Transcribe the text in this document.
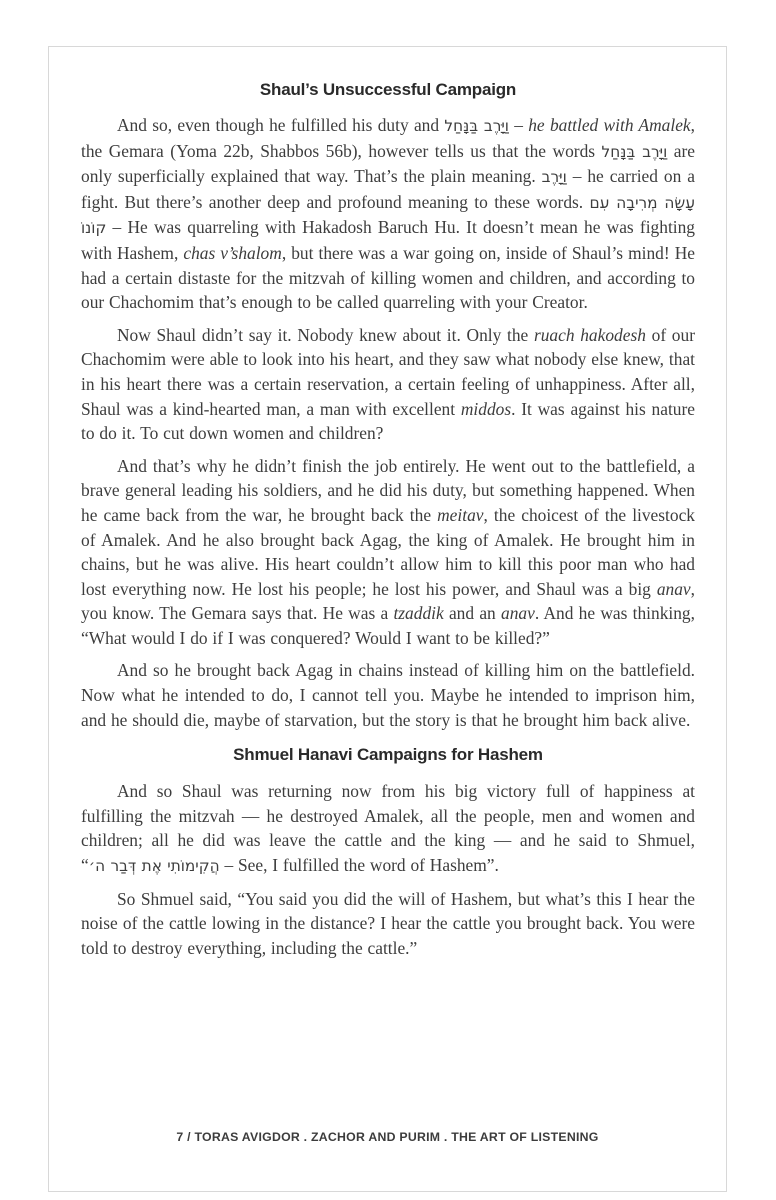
Shaul’s Unsuccessful Campaign

And so, even though he fulfilled his duty and וַיָּרֶב בַּנָּחַל – he battled with Amalek, the Gemara (Yoma 22b, Shabbos 56b), however tells us that the words וַיָּרֶב בַּנָּחַל are only superficially explained that way. That’s the plain meaning. וַיָּרֶב – he carried on a fight. But there’s another deep and profound meaning to these words. עָשָׂה מְרִיבָה עִם קוֹנוֹ – He was quarreling with Hakadosh Baruch Hu. It doesn’t mean he was fighting with Hashem, chas v’shalom, but there was a war going on, inside of Shaul’s mind! He had a certain distaste for the mitzvah of killing women and children, and according to our Chachomim that’s enough to be called quarreling with your Creator.

Now Shaul didn’t say it. Nobody knew about it. Only the ruach hakodesh of our Chachomim were able to look into his heart, and they saw what nobody else knew, that in his heart there was a certain reservation, a certain feeling of unhappiness. After all, Shaul was a kind-hearted man, a man with excellent middos. It was against his nature to do it. To cut down women and children?

And that’s why he didn’t finish the job entirely. He went out to the battlefield, a brave general leading his soldiers, and he did his duty, but something happened. When he came back from the war, he brought back the meitav, the choicest of the livestock of Amalek. And he also brought back Agag, the king of Amalek. He brought him in chains, but he was alive. His heart couldn’t allow him to kill this poor man who had lost everything now. He lost his people; he lost his power, and Shaul was a big anav, you know. The Gemara says that. He was a tzaddik and an anav. And he was thinking, “What would I do if I was conquered? Would I want to be killed?”

And so he brought back Agag in chains instead of killing him on the battlefield. Now what he intended to do, I cannot tell you. Maybe he intended to imprison him, and he should die, maybe of starvation, but the story is that he brought him back alive.

Shmuel Hanavi Campaigns for Hashem

And so Shaul was returning now from his big victory full of happiness at fulfilling the mitzvah — he destroyed Amalek, all the people, men and women and children; all he did was leave the cattle and the king — and he said to Shmuel, “הֲקִימוֹתִי אֶת דְּבַר ה׳ – See, I fulfilled the word of Hashem”.

So Shmuel said, “You said you did the will of Hashem, but what’s this I hear the noise of the cattle lowing in the distance? I hear the cattle you brought back. You were told to destroy everything, including the cattle.”

7 / TORAS AVIGDOR . ZACHOR AND PURIM . THE ART OF LISTENING
